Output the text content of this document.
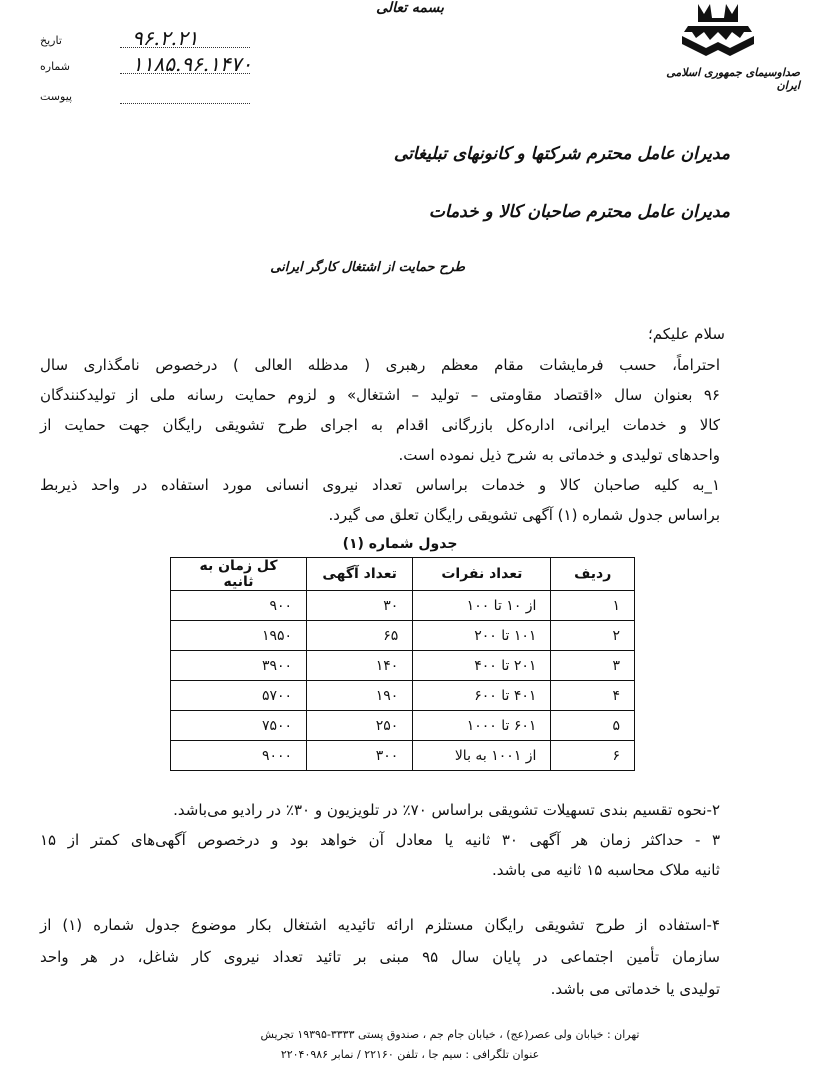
بسمه تعالی
صداوسیمای جمهوری اسلامی ایران
تاریخ	۹۶.۲.۲۱
شماره	۱۱۸۵.۹۶.۱۴۷۰
پیوست
مدیران عامل محترم شرکتها و کانونهای تبلیغاتی
مدیران عامل محترم صاحبان کالا و خدمات
طرح حمایت از اشتغال کارگر ایرانی
سلام علیکم؛
احتراماً، حسب فرمایشات مقام معظم رهبری ( مدظله العالی ) درخصوص نامگذاری سال
۹۶ بعنوان سال «اقتصاد مقاومتی – تولید – اشتغال» و لزوم حمایت رسانه ملی از تولیدکنندگان
کالا و خدمات ایرانی، اداره‌کل بازرگانی اقدام به اجرای طرح تشویقی رایگان جهت حمایت از
واحدهای تولیدی و خدماتی به شرح ذیل نموده است.
۱_به کلیه صاحبان کالا و خدمات براساس تعداد نیروی انسانی مورد استفاده در واحد ذیربط
براساس جدول شماره (۱) آگهی تشویقی رایگان تعلق می گیرد.
جدول شماره (۱)
ردیف	تعداد نفرات	تعداد آگهی	کل زمان به ثانیه
۱	از ۱۰ تا ۱۰۰	۳۰	۹۰۰
۲	۱۰۱ تا ۲۰۰	۶۵	۱۹۵۰
۳	۲۰۱ تا ۴۰۰	۱۴۰	۳۹۰۰
۴	۴۰۱ تا ۶۰۰	۱۹۰	۵۷۰۰
۵	۶۰۱ تا ۱۰۰۰	۲۵۰	۷۵۰۰
۶	از ۱۰۰۱ به بالا	۳۰۰	۹۰۰۰
۲-نحوه تقسیم بندی تسهیلات تشویقی براساس ۷۰٪ در تلویزیون و ۳۰٪ در رادیو می‌باشد.
۳ - حداکثر زمان هر آگهی ۳۰ ثانیه یا معادل آن خواهد بود و درخصوص آگهی‌های کمتر از ۱۵
ثانیه ملاک محاسبه ۱۵ ثانیه می باشد.
۴-استفاده از طرح تشویقی رایگان مستلزم ارائه تائیدیه اشتغال بکار موضوع جدول شماره (۱) از
سازمان تأمین اجتماعی در پایان سال ۹۵ مبنی بر تائید تعداد نیروی کار شاغل، در هر واحد
تولیدی یا خدماتی می باشد.
تهران : خیابان ولی عصر(عج) ، خیابان جام جم ، صندوق پستی ۳۳۳۳-۱۹۳۹۵ تجریش
عنوان تلگرافی : سیم جا ، تلفن ۲۲۱۶۰ / نمابر ۲۲۰۴۰۹۸۶
